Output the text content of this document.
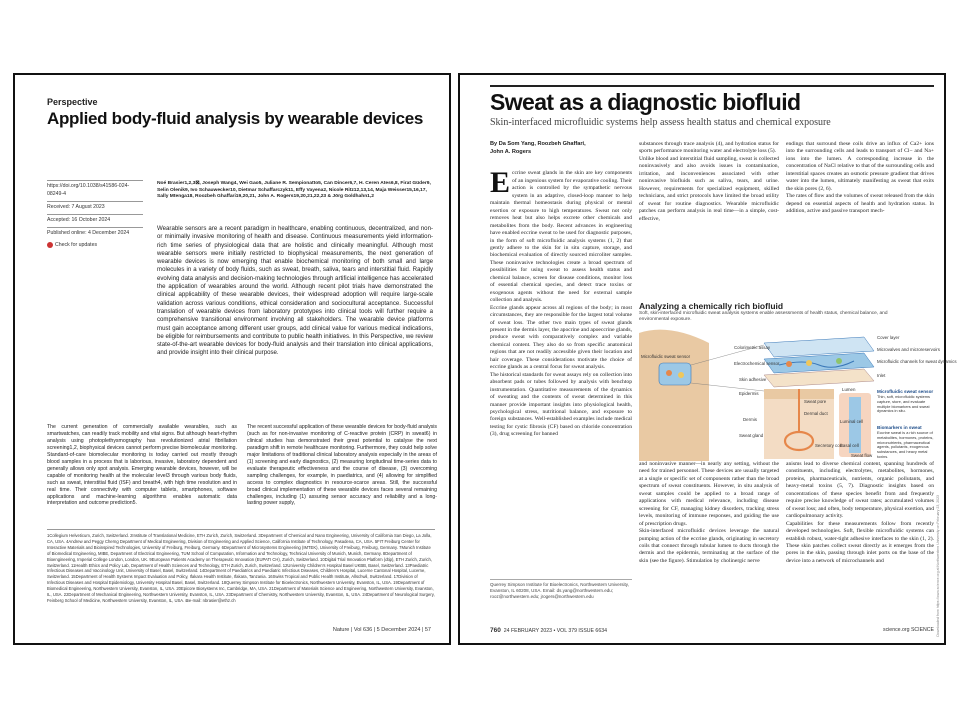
Perspective
Applied body-fluid analysis by wearable devices
https://doi.org/10.1038/s41586-024-08249-4
Received: 7 August 2023
Accepted: 16 October 2024
Published online: 4 December 2024
Check for updates
Noé Brasier1,2,3⊠, Joseph Wang4, Wei Gao5, Juliane R. Sempionatto5, Can Dincer6,7, H. Ceren Ates6,8, Firat Güder9, Selin Olenik9, Ivo Schauwecker10, Dietmar Schaffarczyk11, Effy Vayena2, Nicole Ritz12,13,14, Maja Weisser15,16,17, Sally Mtenga18, Roozbeh Ghaffari19,20,21, John A. Rogers19,20,21,22,23 & Jörg Goldhahn1,2
Wearable sensors are a recent paradigm in healthcare, enabling continuous, decentralized, and non- or minimally invasive monitoring of health and disease. Continuous measurements yield information-rich time series of physiological data that are holistic and clinically meaningful. Although most wearable sensors were initially restricted to biophysical measurements, the next generation of wearable devices is now emerging that enable biochemical monitoring of both small and large molecules in a variety of body fluids, such as sweat, breath, saliva, tears and interstitial fluid. Rapidly evolving data analysis and decision-making technologies through artificial intelligence has accelerated the application of wearables around the world. Although recent pilot trials have demonstrated the clinical applicability of these wearable devices, their widespread adoption will require large-scale validation across various conditions, ethical consideration and sociocultural acceptance. Successful translation of wearable devices from laboratory prototypes into clinical tools will further require a comprehensive transitional environment involving all stakeholders. The wearable device platforms must gain acceptance among different user groups, add clinical value for various medical indications, be eligible for reimbursements and contribute to public health initiatives. In this Perspective, we review state-of-the-art wearable devices for body-fluid analysis and their translation into clinical applications, and provide insight into their clinical purpose.
The current generation of commercially available wearables, such as smartwatches, can readily track mobility and vital signs. But although heart-rhythm analysis using photoplethysmography has revolutionized atrial fibrillation screening1,2, biophysical devices cannot perform precise biomolecular monitoring. Standard-of-care biomolecular monitoring is today carried out mostly through blood samples in a process that is laborious, invasive, laboratory dependent and generally allows only spot analysis. Emerging wearable devices, however, will be capable of monitoring health at the molecular level3 through various body fluids, such as sweat, interstitial fluid (ISF) and breath4, with high time resolution and in real time. Their connectivity with computer tablets, smartphones, software applications and machine-learning algorithms enables automatic data interpretation and outcome prediction5.
The recent successful application of these wearable devices for body-fluid analysis (such as for non-invasive monitoring of C-reactive protein (CRP) in sweat6) in clinical studies has demonstrated their great potential to catalyse the next paradigm shift in remote healthcare monitoring. Furthermore, they could help solve major limitations of traditional clinical laboratory analysis especially in the areas of (1) screening and early diagnostics, (2) measuring longitudinal time-series data to evaluate therapeutic effectiveness and the course of disease, (3) overcoming sampling challenges, for example, in paediatrics, and (4) allowing for simplified access to complex diagnostics in resource-scarce areas. Still, the successful broad clinical implementation of these wearable devices faces several remaining challenges, including (1) assuring sensor accuracy and reliability and a long-lasting power supply,
1Collegium Helveticum, Zurich, Switzerland. 2Institute of Translational Medicine, ETH Zurich, Zurich, Switzerland. 3Department of Chemical and Nano Engineering, University of California San Diego, La Jolla, CA, USA. 4Andrew and Peggy Cherng Department of Medical Engineering, Division of Engineering and Applied Science, California Institute of Technology, Pasadena, CA, USA. 5FIT Freiburg Center for Interactive Materials and Bioinspired Technologies, University of Freiburg, Freiburg, Germany. 6Department of Microsystems Engineering (IMTEK), University of Freiburg, Freiburg, Germany. 7Munich Institute of Biomedical Engineering, MIBE, Department of Electrical Engineering, TUM School of Computation, Information and Technology, Technical University of Munich, Munich, Germany. 8Department of Bioengineering, Imperial College London, London, UK. 9European Patients Academy on Therapeutic Innovation (EUPATI CH), Zurich, Switzerland. 10Digital Trial Innovation Platform (dtip), ETH Zurich, Zurich, Switzerland. 11Health Ethics and Policy Lab, Department of Health Sciences and Technology, ETH Zurich, Zurich, Switzerland. 12University Children's Hospital Basel UKBB, Basel, Switzerland. 13Paediatric Infectious Diseases and Vaccinology Unit, University of Basel, Basel, Switzerland. 14Department of Paediatrics and Paediatric Infectious Diseases, Children's Hospital, Lucerne Cantonal Hospital, Lucerne, Switzerland. 15Department of Health Systems Impact Evaluation and Policy, Ifakara Health Institute, Ifakara, Tanzania. 16Swiss Tropical and Public Health Institute, Allschwil, Switzerland. 17Division of Infectious Diseases and Hospital Epidemiology, University Hospital Basel, Basel, Switzerland. 18Querrey Simpson Institute for Bioelectronics, Northwestern University, Evanston, IL, USA. 19Department of Biomedical Engineering, Northwestern University, Evanston, IL, USA. 20Epicore Biosystems Inc, Cambridge, MA, USA. 21Department of Materials Science and Engineering, Northwestern University, Evanston, IL, USA. 22Department of Mechanical Engineering, Northwestern University, Evanston, IL, USA. 23Department of Chemistry, Northwestern University, Evanston, IL, USA. 24Department of Neurological Surgery, Feinberg School of Medicine, Northwestern University, Evanston, IL, USA. ⊠e-mail: nbrasier@ethz.ch
Nature | Vol 636 | 5 December 2024 | 57
Sweat as a diagnostic biofluid
Skin-interfaced microfluidic systems help assess health status and chemical exposure
By Da Som Yang, Roozbeh Ghaffari, John A. Rogers

Eccrine sweat glands in the skin are key components of an ingenious system for evaporative cooling. Their action is controlled by the sympathetic nervous system in an adaptive, closed-loop manner to help maintain thermal homeostasis during physical or mental exertion or exposure to high temperatures. Sweat not only removes heat but also helps excrete other chemicals and metabolites from the body. Recent advances in engineering have enabled eccrine sweat to be used for diagnostic purposes, in the form of soft microfluidic analysis systems (1, 2) that gently adhere to the skin for in situ capture, storage, and biochemical evaluation of directly sourced microliter samples. These noninvasive technologies create a broad spectrum of possibilities for using sweat to assess health status and chemical balance, screen for disease conditions, monitor loss of essential chemical species, and detect trace toxins or exogenous agents without the need for external sample collection and analysis.
Eccrine glands appear across all regions of the body; in most circumstances, they are responsible for the largest total volume of sweat loss. The other two main types of sweat glands present in the dermis layer, the apocrine and apoeccrine glands, produce sweat with comparatively complex and variable chemical content. They also do so from specific anatomical regions that are not readily accessible given their location and hair coverage. These considerations motivate the choice of eccrine glands as a central focus for sweat analysis.
The historical standards for sweat assays rely on collection into absorbent pads or tubes followed by analysis with benchtop instrumentation. Quantitative measurements of the dynamics of sweating and the contents of sweat determined in this manner provide important insights into physiological health, psychological stress, nutritional balance, and exposure to foreign substances. Well-established examples include medical testing for cystic fibrosis (CF) based on chloride concentration (3), drug screening for banned

substances through trace analysis (4), and hydration status for sports performance monitoring water and electrolyte loss (5).
Unlike blood and interstitial fluid sampling, sweat is collected noninvasively and also avoids issues in contamination, irritation, and inconveniences associated with other noninvasive biofluids such as saliva, tears, and urine. However, requirements for specialized equipment, skilled technicians, and strict protocols have limited the broad utility of sweat for routine diagnostics. Wearable microfluidic patches can perform analysis in real time—in a simple, cost-effective,
endings that surround these coils drive an influx of Ca2+ ions into the surrounding cells and leads to transport of Cl− and Na+ ions into the lumen. A corresponding increase in the concentration of NaCl relative to that of the surrounding cells and interstitial spaces creates an osmotic pressure gradient that drives water into the lumen, ultimately manifesting as sweat that exits the skin pores (2, 6).
The rates of flow and the volumes of sweat released from the skin depend on essential aspects of health and hydration status. In addition, active and passive transport mech-
Analyzing a chemically rich biofluid
Soft, skin-interfaced microfluidic sweat analysis systems enable assessments of health status, chemical balance, and environmental exposure.
Microfluidic sweat sensor
Colorimetric assay
Electrochemical sensor
Skin adhesive
Cover layer
Microvalves and microreservoirs
Microfluidic channels for sweat dynamics
Inlet
Epidermis
Sweat pore
Dermal duct
Dermis
Sweat gland
Secretory coil
Lumen
Luminal cell
Basal cell
Sweat flow
Microfluidic sweat sensor
Thin, soft, microfluidic systems capture, store, and evaluate multiple biomarkers and sweat dynamics in situ.
Biomarkers in sweat
Eccrine sweat is a rich source of metabolites, hormones, proteins, micronutrients, pharmaceutical agents, pollutants, exogenous substances, and heavy metal toxins.
and noninvasive manner—in nearly any setting, without the need for trained personnel. These devices are usually targeted at a single or specific set of components rather than the broad spectrum of sweat constituents. However, in situ analysis of sweat samples could be applied to a broad range of applications with medical relevance, including disease screening for CF, managing kidney disorders, tracking stress levels, monitoring of immune responses, and guiding the use of prescription drugs.
Skin-interfaced microfluidic devices leverage the natural pumping action of the eccrine glands, originating in secretory coils that connect through tubular lumen to ducts through the dermis and the epidermis, terminating at the surface of the skin (see the figure). Stimulation by cholinergic nerve
anisms lead to diverse chemical content, spanning hundreds of constituents, including electrolytes, metabolites, hormones, proteins, pharmaceuticals, nutrients, organic pollutants, and heavy-metal toxins (5, 7). Diagnostic insights based on concentrations of these species benefit from and frequently require precise knowledge of sweat rates; accumulated volumes of sweat loss; and often, body temperature, physical exertion, and cardiopulmonary activity.
Capabilities for these measurements follow from recently developed technologies. Soft, flexible microfluidic systems can establish robust, water-tight adhesive interfaces to the skin (1, 2). These skin patches collect sweat directly as it emerges from the pores in the skin, passing through inlet ports on the base of the device into a network of microchannels and
Querrey Simpson Institute for Bioelectronics, Northwestern University, Evanston, IL 60208, USA. Email: ds.yang@northwestern.edu; rooz@northwestern.edu; jrogers@northwestern.edu
760 24 FEBRUARY 2023 • VOL 379 ISSUE 6634	science.org SCIENCE Downloaded from https://www.science.org at Northwestern University on February 23, 2023
